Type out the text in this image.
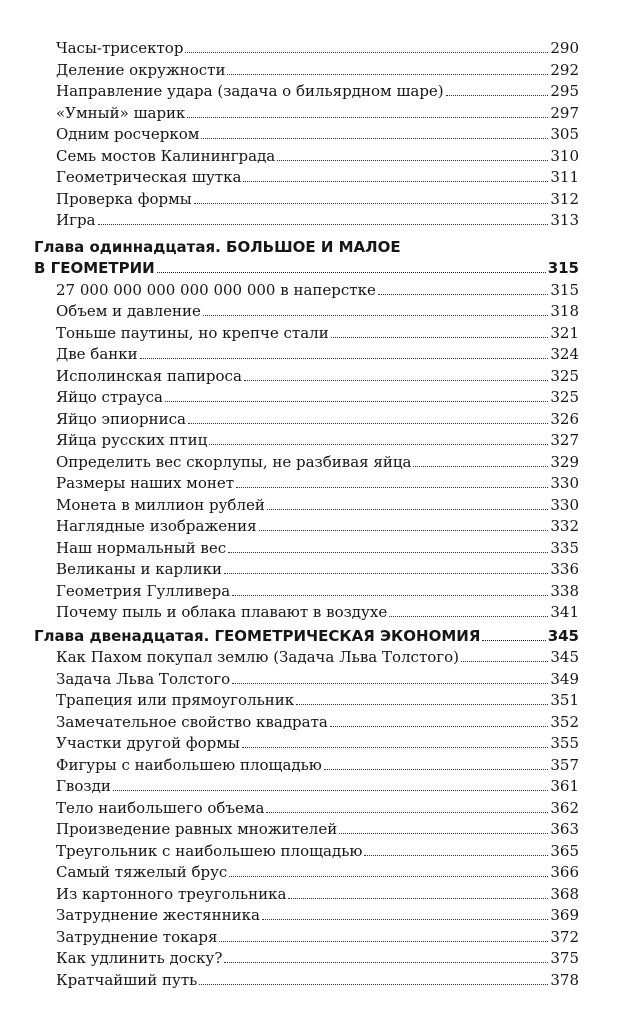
Часы-трисектор	290
Деление окружности	292
Направление удара (задача о бильярдном шаре)	295
«Умный» шарик	297
Одним росчерком	305
Семь мостов Калининграда	310
Геометрическая шутка	311
Проверка формы	312
Игра	313
Глава одиннадцатая. БОЛЬШОЕ И МАЛОЕ
В ГЕОМЕТРИИ	315
27 000 000 000 000 000 000 в наперстке	315
Объем и давление	318
Тоньше паутины, но крепче стали	321
Две банки	324
Исполинская папироса	325
Яйцо страуса	325
Яйцо эпиорниса	326
Яйца русских птиц	327
Определить вес скорлупы, не разбивая яйца	329
Размеры наших монет	330
Монета в миллион рублей	330
Наглядные изображения	332
Наш нормальный вес	335
Великаны и карлики	336
Геометрия Гулливера	338
Почему пыль и облака плавают в воздухе	341
Глава двенадцатая. ГЕОМЕТРИЧЕСКАЯ ЭКОНОМИЯ	345
Как Пахом покупал землю (Задача Льва Толстого)	345
Задача Льва Толстого	349
Трапеция или прямоугольник	351
Замечательное свойство квадрата	352
Участки другой формы	355
Фигуры с наибольшею площадью	357
Гвозди	361
Тело наибольшего объема	362
Произведение равных множителей	363
Треугольник с наибольшею площадью	365
Самый тяжелый брус	366
Из картонного треугольника	368
Затруднение жестянника	369
Затруднение токаря	372
Как удлинить доску?	375
Кратчайший путь	378
